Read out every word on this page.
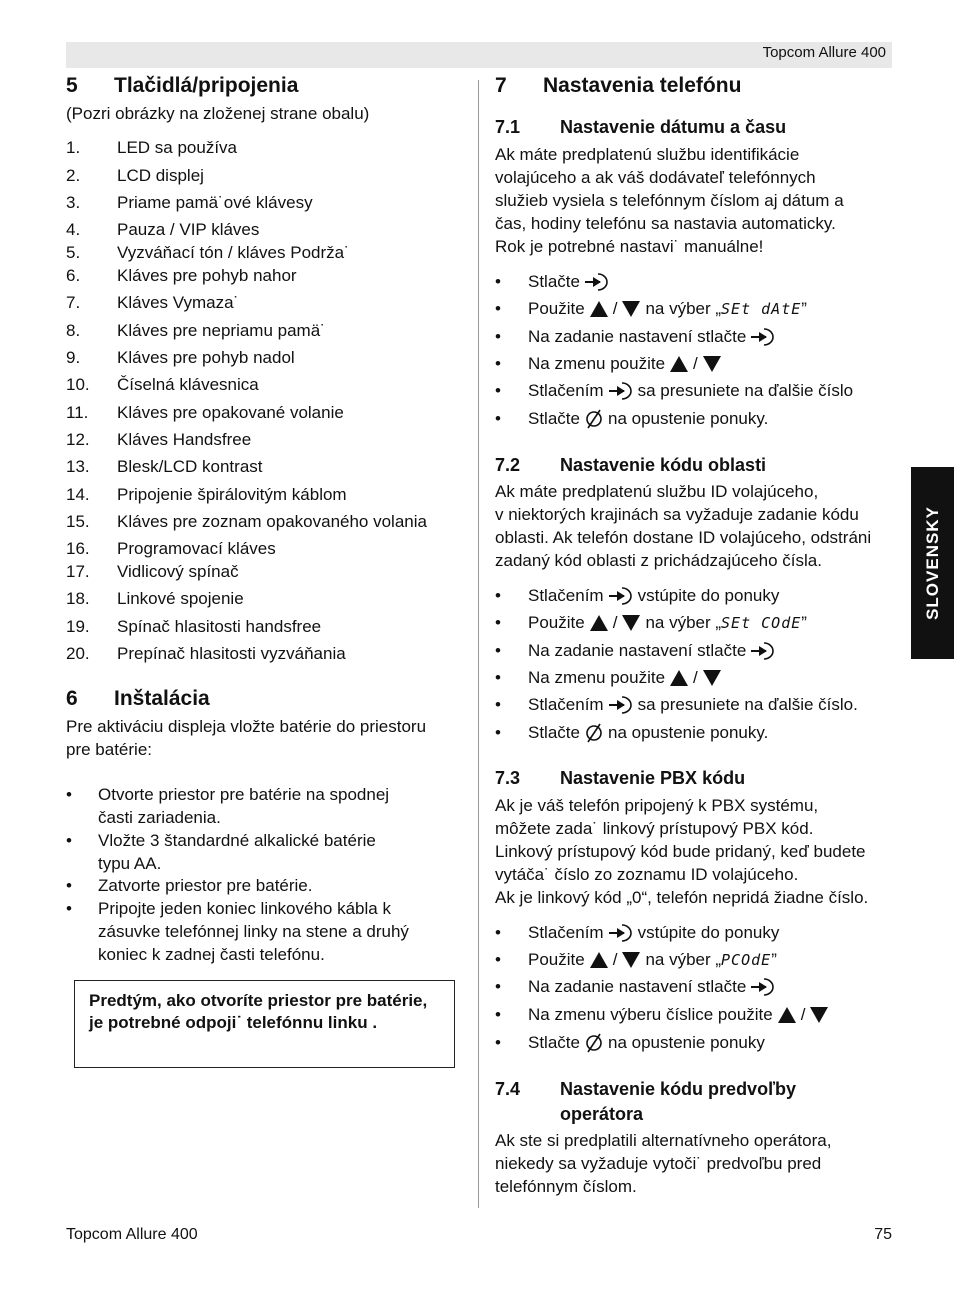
Topcom Allure 400
SLOVENSKY
5 Tlačidlá/pripojenia
(Pozri obrázky na zloženej strane obalu)
1. LED sa používa
2. LCD displej
3. Priame pamä˙ové klávesy
4. Pauza / VIP kláves
5. Vyzváňací tón / kláves Podrža˙
6. Kláves pre pohyb nahor
7. Kláves Vymaza˙
8. Kláves pre nepriamu pamä˙
9. Kláves pre pohyb nadol
10. Číselná klávesnica
11. Kláves pre opakované volanie
12. Kláves Handsfree
13. Blesk/LCD kontrast
14. Pripojenie špirálovitým káblom
15. Kláves pre zoznam opakovaného volania
16. Programovací kláves
17. Vidlicový spínač
18. Linkové spojenie
19. Spínač hlasitosti handsfree
20. Prepínač hlasitosti vyzváňania
6 Inštalácia
Pre aktiváciu displeja vložte batérie do priestoru
pre batérie:
• Otvorte priestor pre batérie na spodnej
časti zariadenia.
• Vložte 3 štandardné alkalické batérie
typu AA.
• Zatvorte priestor pre batérie.
• Pripojte jeden koniec linkového kábla k
zásuvke telefónnej linky na stene a druhý
koniec k zadnej časti telefónu.
Predtým, ako otvoríte priestor pre batérie, je potrebné odpoji˙ telefónnu linku .
7 Nastavenia telefónu
7.1 Nastavenie dátumu a času
Ak máte predplatenú službu identifikácie
volajúceho a ak váš dodávateľ telefónnych
služieb vysiela s telefónnym číslom aj dátum a
čas, hodiny telefónu sa nastavia automaticky.
Rok je potrebné nastavi˙ manuálne!
•	Stlačte
•	Použite / na výber „ SEt dAtE ”
•	Na zadanie nastavení stlačte
•	Na zmenu použite /
•	Stlačením sa presuniete na ďalšie číslo
•	Stlačte na opustenie ponuky.
7.2 Nastavenie kódu oblasti
Ak máte predplatenú službu ID volajúceho,
v niektorých krajinách sa vyžaduje zadanie kódu
oblasti. Ak telefón dostane ID volajúceho, odstráni
zadaný kód oblasti z prichádzajúceho čísla.
•	Stlačením vstúpite do ponuky
•	Použite / na výber „ SEt COdE ”
•	Na zadanie nastavení stlačte
•	Na zmenu použite /
•	Stlačením sa presuniete na ďalšie číslo.
•	Stlačte na opustenie ponuky.
7.3 Nastavenie PBX kódu
Ak je váš telefón pripojený k PBX systému,
môžete zada˙ linkový prístupový PBX kód.
Linkový prístupový kód bude pridaný, keď budete
vytáča˙ číslo zo zoznamu ID volajúceho.
Ak je linkový kód „0“, telefón nepridá žiadne číslo.
•	Stlačením vstúpite do ponuky
•	Použite / na výber „ PCOdE ”
•	Na zadanie nastavení stlačte
•	Na zmenu výberu číslice použite /
•	Stlačte na opustenie ponuky
7.4 Nastavenie kódu predvoľby
operátora
Ak ste si predplatili alternatívneho operátora,
niekedy sa vyžaduje vytoči˙ predvoľbu pred
telefónnym číslom.
Topcom Allure 400	75
